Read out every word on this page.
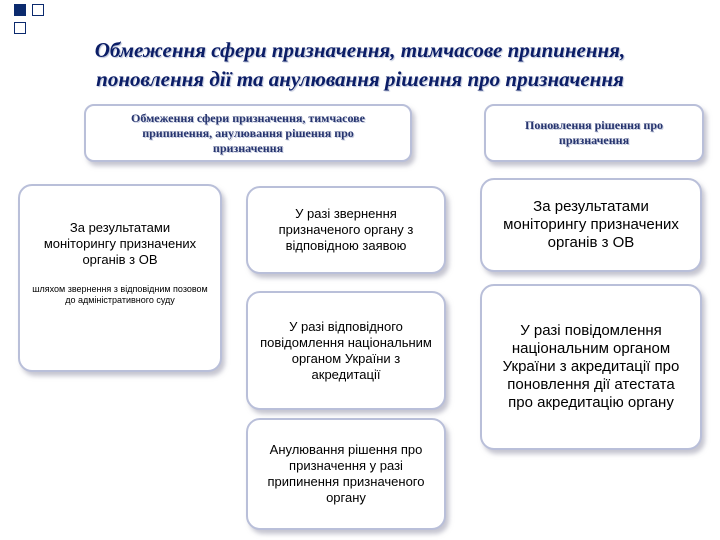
Обмеження сфери призначення, тимчасове припинення,
поновлення дії та анулювання рішення про призначення
Обмеження сфери призначення, тимчасове припинення, анулювання рішення про призначення
Поновлення рішення про призначення
За результатами моніторингу призначених органів з ОВ
шляхом звернення з відповідним позовом до адміністративного суду
У разі звернення призначеного органу з відповідною заявою
У разі відповідного повідомлення національним органом України з акредитації
Анулювання рішення про призначення у разі припинення призначеного органу
За результатами моніторингу призначених органів з ОВ
У разі повідомлення національним органом України з акредитації про поновлення дії атестата про акредитацію органу
